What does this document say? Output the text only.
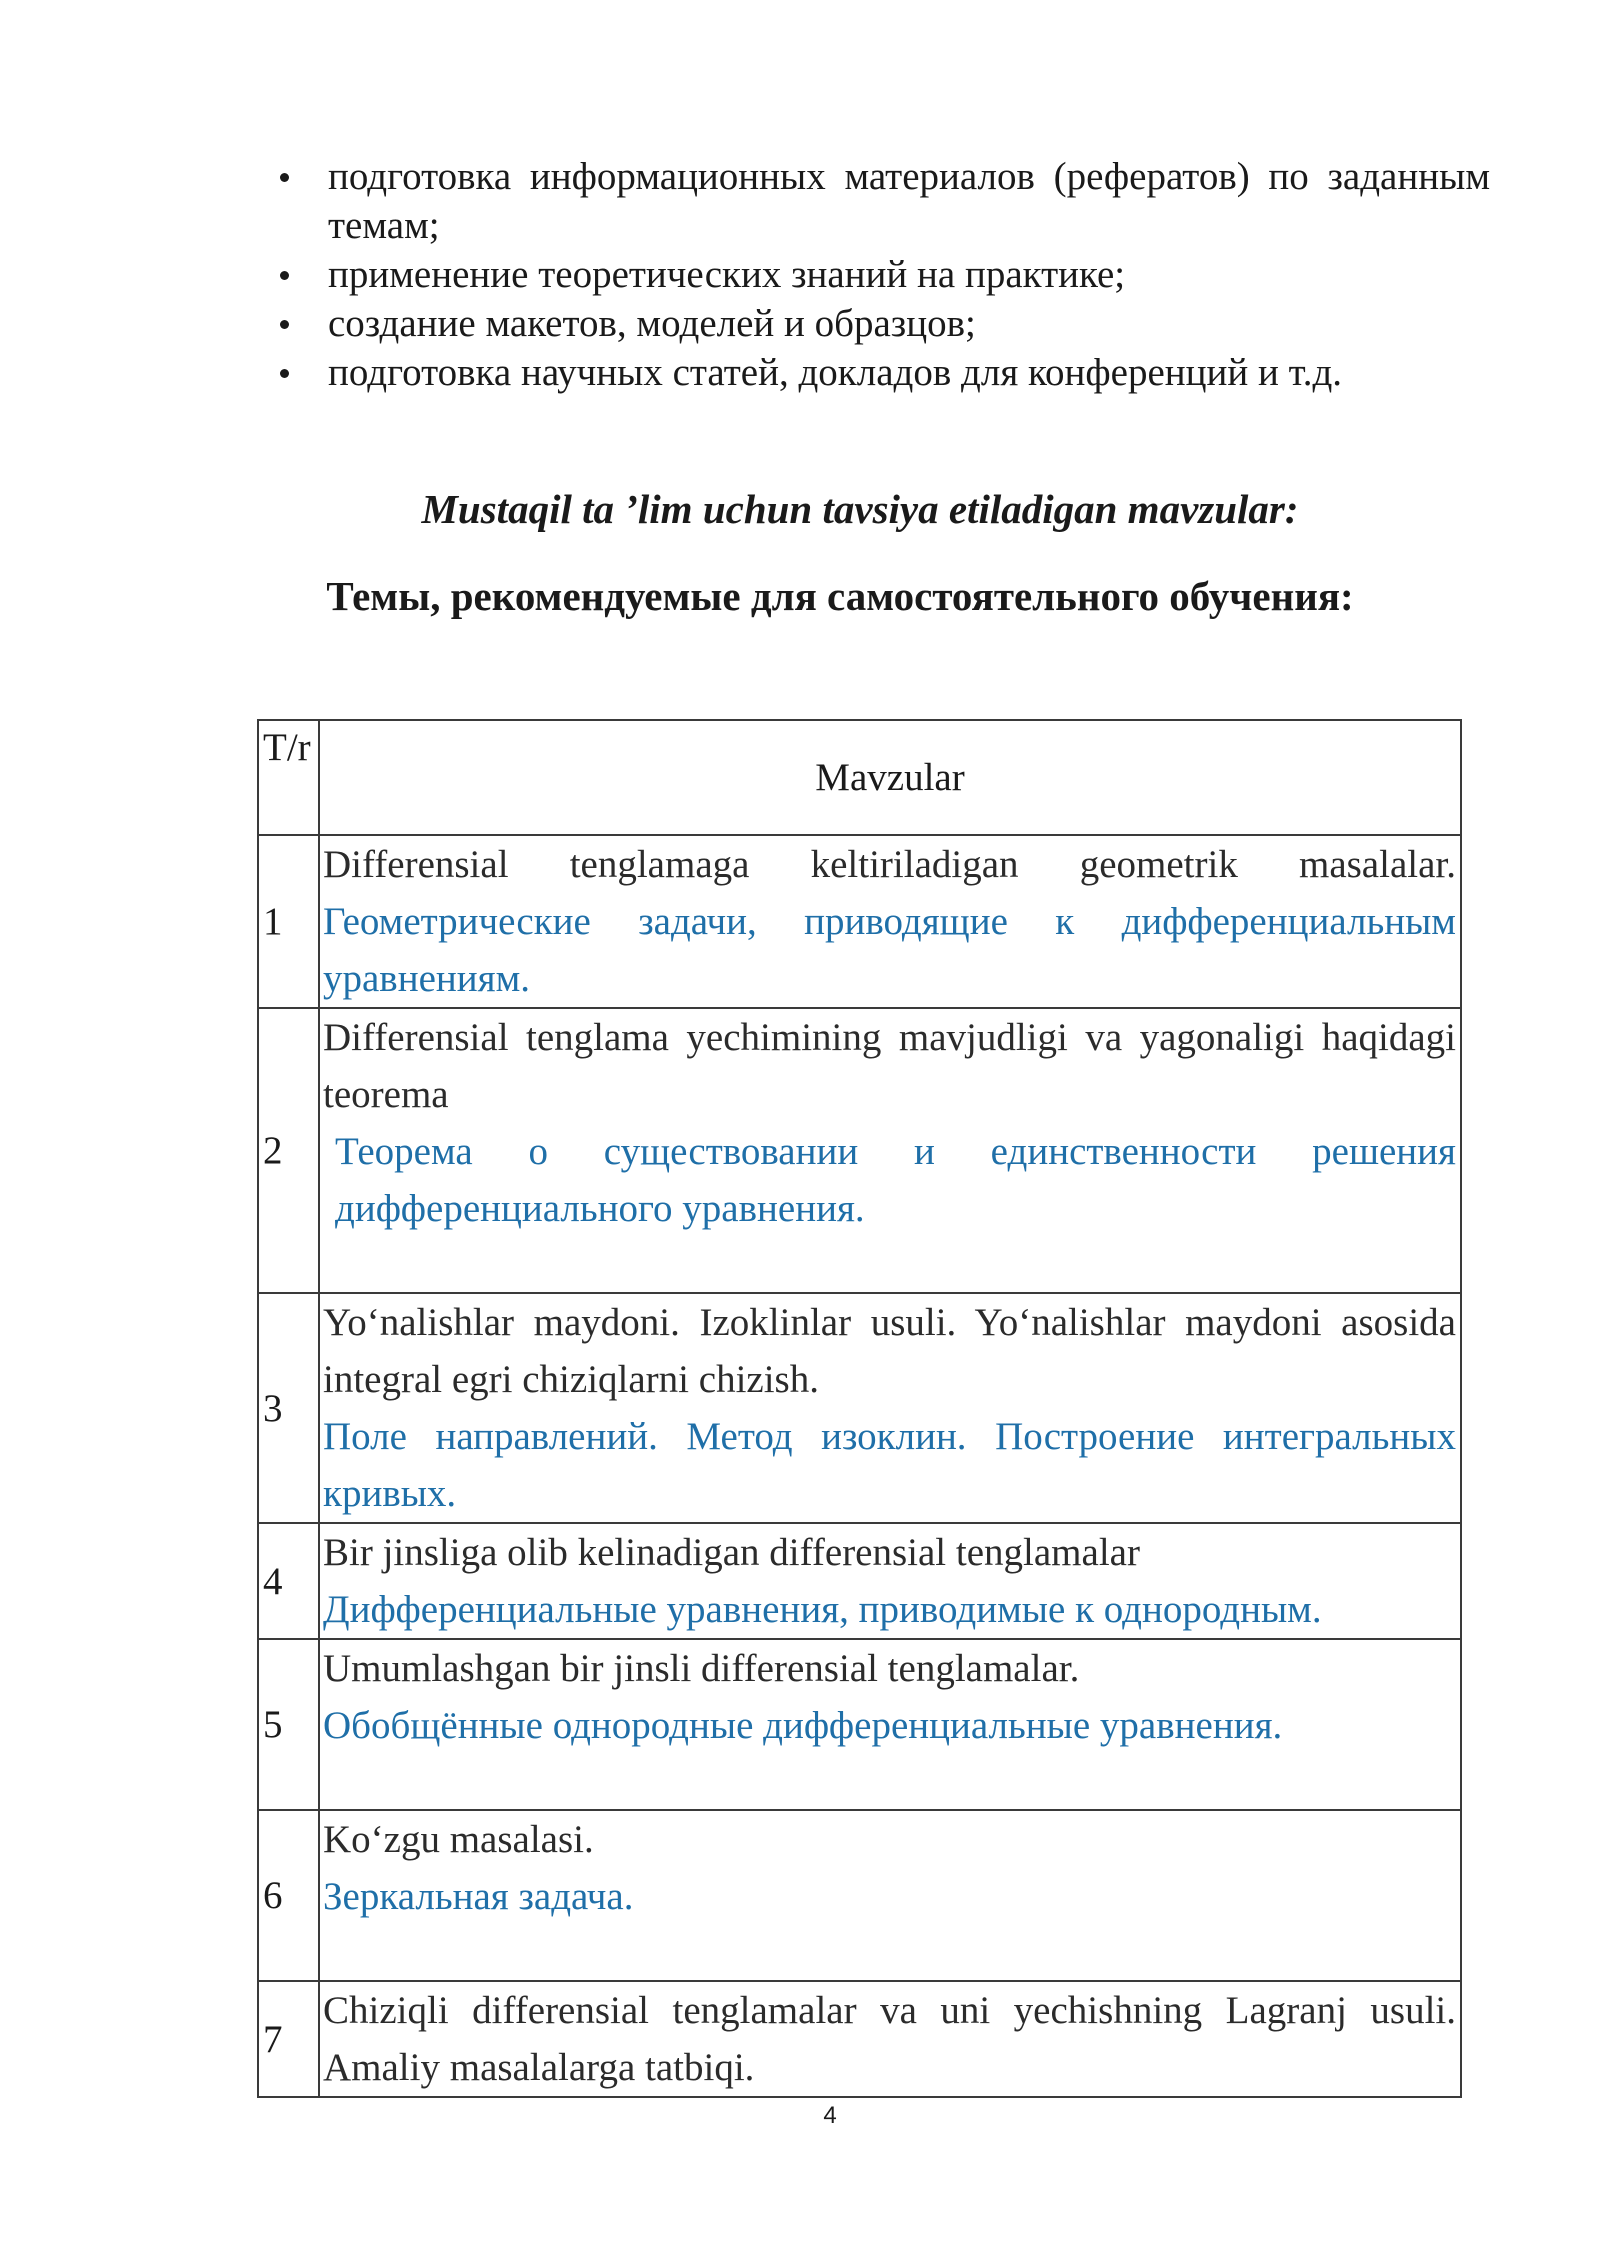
подготовка информационных материалов (рефератов) по заданным темам;
применение теоретических знаний на практике;
создание макетов, моделей и образцов;
подготовка научных статей, докладов для конференций и т.д.
Mustaqil ta ’lim uchun tavsiya etiladigan mavzular:
Темы, рекомендуемые для самостоятельного обучения:
T/r	Mavzular
1	Differensial tenglamaga keltiriladigan geometrik masalalar.
Геометрические задачи, приводящие к дифференциальным уравнениям.

2	Differensial tenglama yechimining mavjudligi va yagonaligi haqidagi teorema
Теорема о существовании и единственности решения дифференциального уравнения.

3	Yo‘nalishlar maydoni. Izoklinlar usuli. Yo‘nalishlar maydoni asosida integral egri chiziqlarni chizish.
Поле направлений. Метод изоклин. Построение интегральных кривых.

4	Bir jinsliga olib kelinadigan differensial tenglamalar
Дифференциальные уравнения, приводимые к однородным.

5	Umumlashgan bir jinsli differensial tenglamalar.
Обобщённые однородные дифференциальные уравнения.

6	Ko‘zgu masalasi.
Зеркальная задача.

7	Chiziqli differensial tenglamalar va uni yechishning Lagranj usuli. Amaliy masalalarga tatbiqi.
4
